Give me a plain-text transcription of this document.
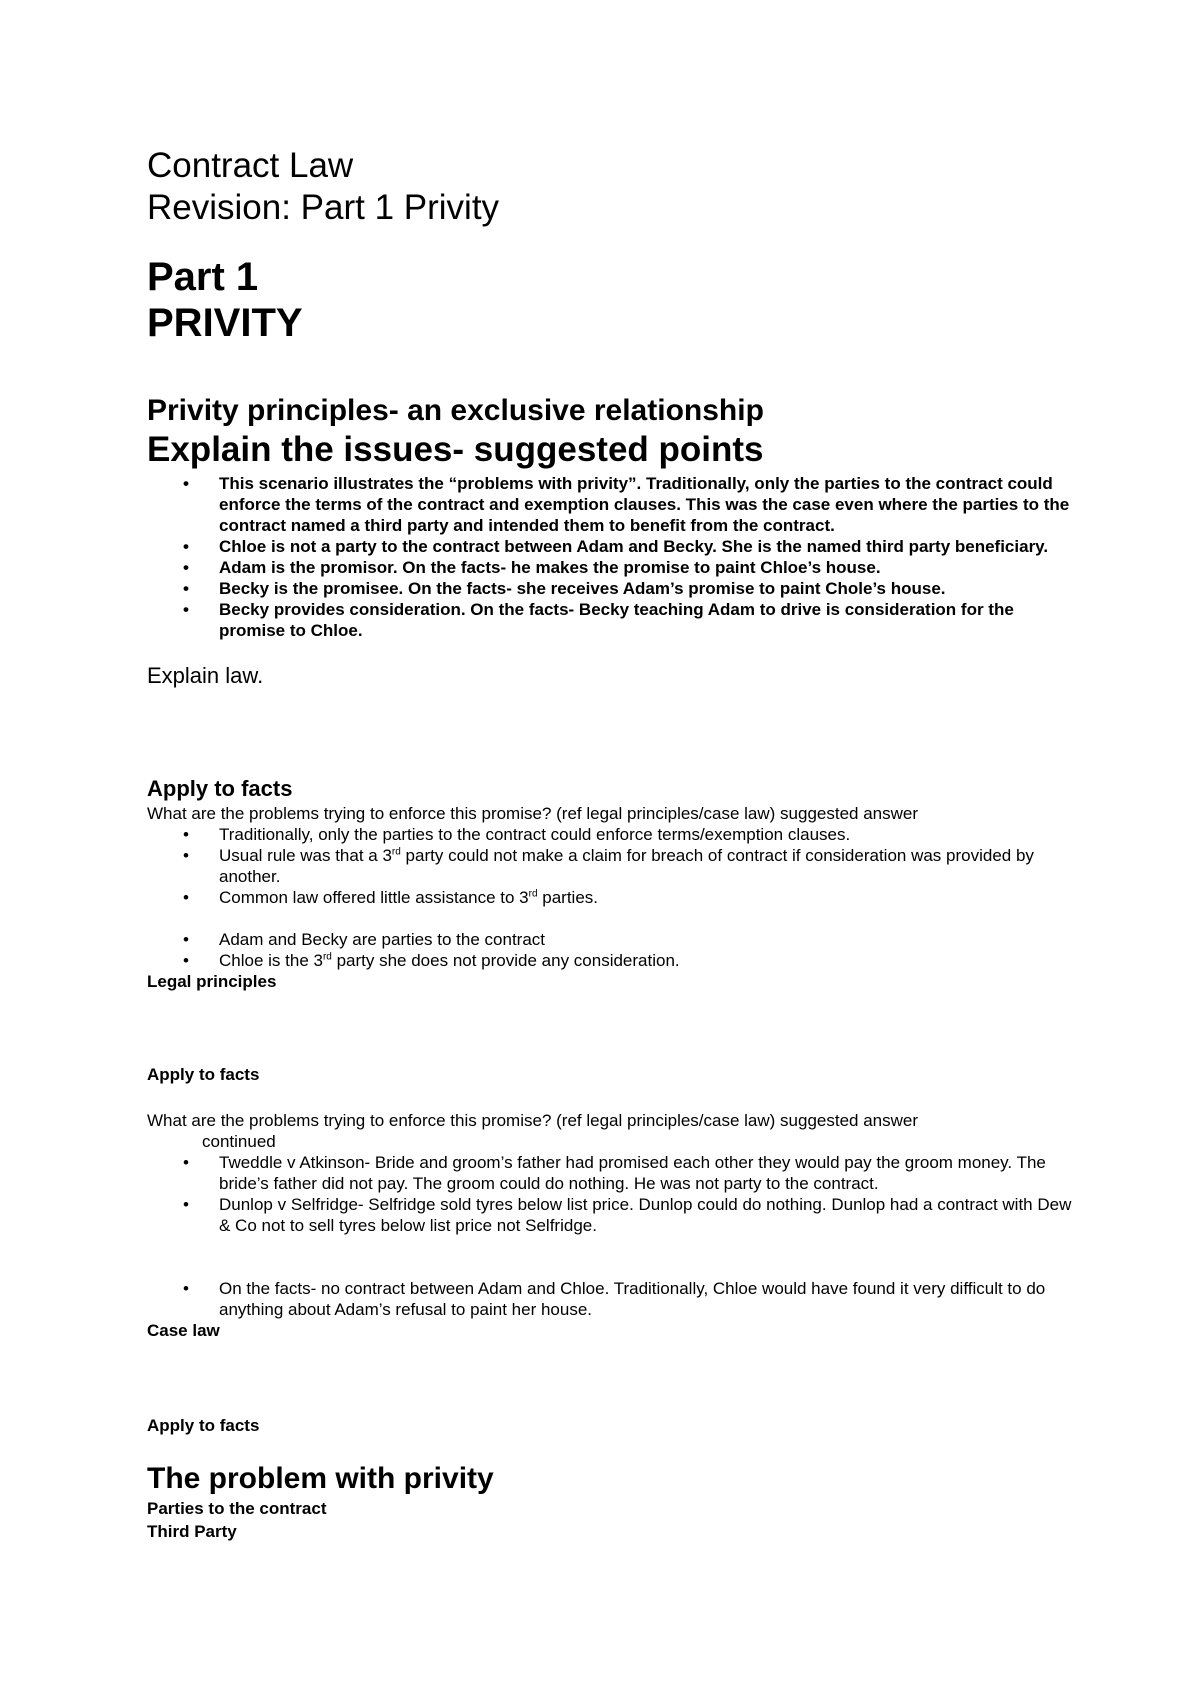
Contract Law
Revision: Part 1 Privity
Part 1
PRIVITY
Privity principles- an exclusive relationship
Explain the issues- suggested points
• This scenario illustrates the “problems with privity”. Traditionally, only the parties to the contract could enforce the terms of the contract and exemption clauses. This was the case even where the parties to the contract named a third party and intended them to benefit from the contract.
• Chloe is not a party to the contract between Adam and Becky. She is the named third party beneficiary.
• Adam is the promisor. On the facts- he makes the promise to paint Chloe’s house.
• Becky is the promisee. On the facts- she receives Adam’s promise to paint Chole’s house.
• Becky provides consideration. On the facts- Becky teaching Adam to drive is consideration for the promise to Chloe.
Explain law.
Apply to facts

What are the problems trying to enforce this promise? (ref legal principles/case law) suggested answer

• Traditionally, only the parties to the contract could enforce terms/exemption clauses.
• Usual rule was that a 3rd party could not make a claim for breach of contract if consideration was provided by another.
• Common law offered little assistance to 3rd parties.
• Adam and Becky are parties to the contract
• Chloe is the 3rd party she does not provide any consideration.

Legal principles

Apply to facts

What are the problems trying to enforce this promise? (ref legal principles/case law) suggested answer

continued

• Tweddle v Atkinson- Bride and groom’s father had promised each other they would pay the groom money. The bride’s father did not pay. The groom could do nothing. He was not party to the contract.
• Dunlop v Selfridge- Selfridge sold tyres below list price. Dunlop could do nothing. Dunlop had a contract with Dew & Co not to sell tyres below list price not Selfridge.
• On the facts- no contract between Adam and Chloe. Traditionally, Chloe would have found it very difficult to do anything about Adam’s refusal to paint her house.

Case law

Apply to facts

The problem with privity

Parties to the contract

Third Party
